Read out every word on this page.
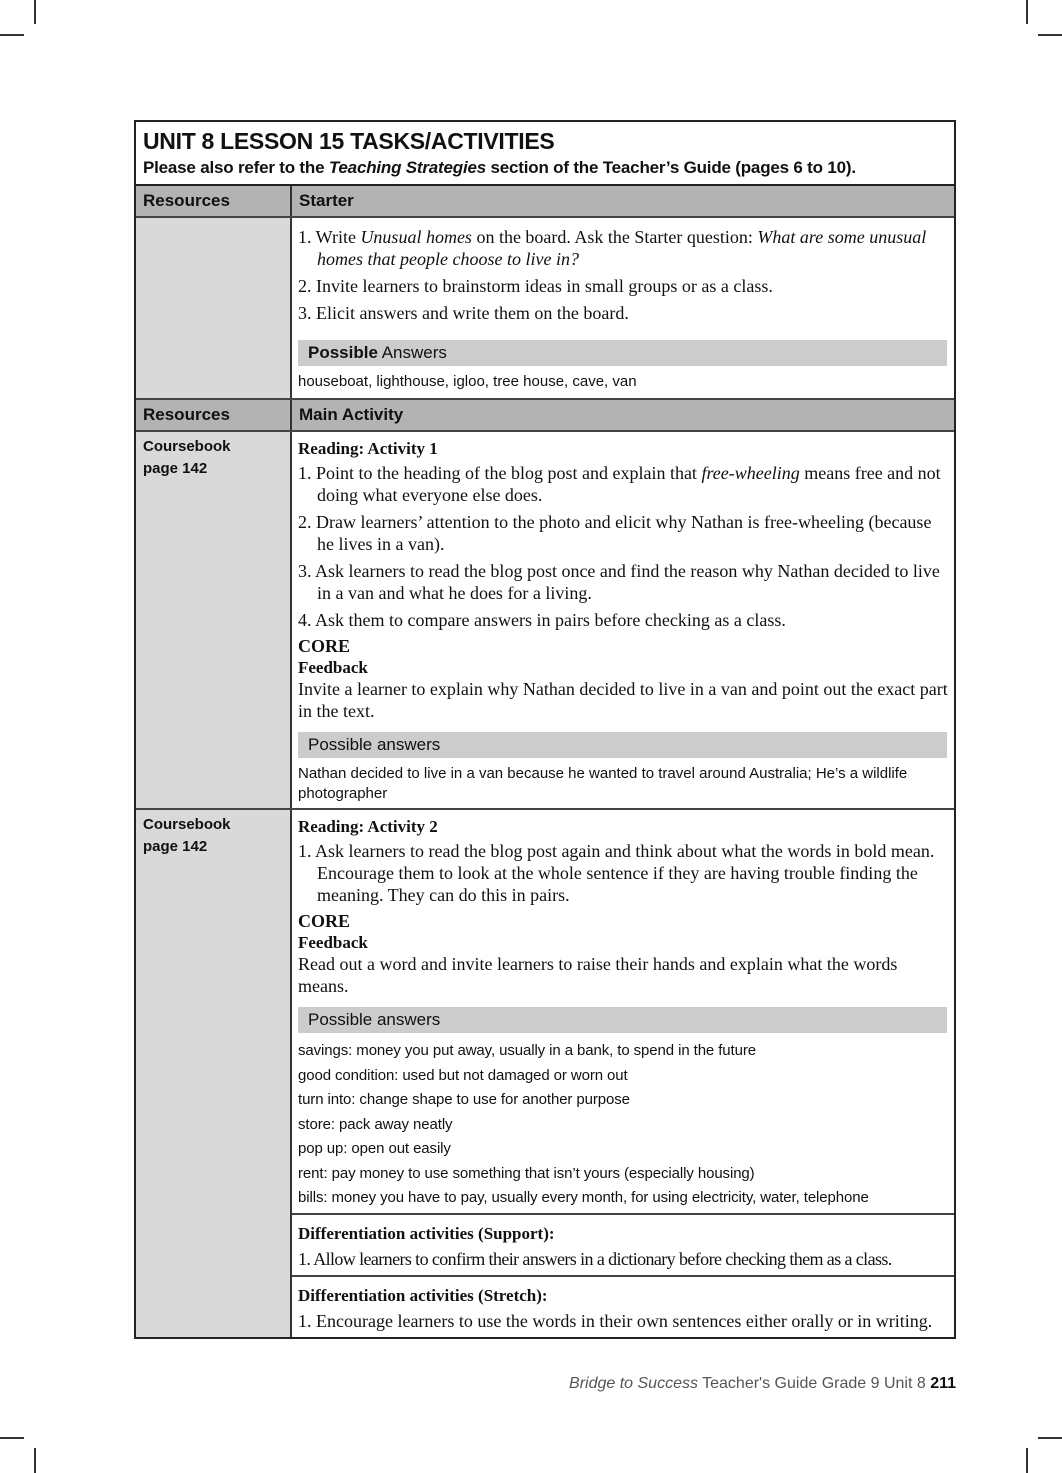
UNIT 8 LESSON 15 TASKS/ACTIVITIES
Please also refer to the Teaching Strategies section of the Teacher’s Guide (pages 6 to 10).
Resources	Starter
1. Write Unusual homes on the board. Ask the Starter question: What are some unusual homes that people choose to live in?
2. Invite learners to brainstorm ideas in small groups or as a class.
3. Elicit answers and write them on the board.
Possible Answers
houseboat, lighthouse, igloo, tree house, cave, van
Resources	Main Activity
Coursebook
page 142
Reading: Activity 1
1. Point to the heading of the blog post and explain that free-wheeling means free and not doing what everyone else does.
2. Draw learners’ attention to the photo and elicit why Nathan is free-wheeling (because he lives in a van).
3. Ask learners to read the blog post once and find the reason why Nathan decided to live in a van and what he does for a living.
4. Ask them to compare answers in pairs before checking as a class.
CORE
Feedback
Invite a learner to explain why Nathan decided to live in a van and point out the exact part in the text.
Possible answers
Nathan decided to live in a van because he wanted to travel around Australia; He’s a wildlife photographer
Coursebook
page 142
Reading: Activity 2
1. Ask learners to read the blog post again and think about what the words in bold mean. Encourage them to look at the whole sentence if they are having trouble finding the meaning. They can do this in pairs.
CORE
Feedback
Read out a word and invite learners to raise their hands and explain what the words means.
Possible answers
savings: money you put away, usually in a bank, to spend in the future
good condition: used but not damaged or worn out
turn into: change shape to use for another purpose
store: pack away neatly
pop up: open out easily
rent: pay money to use something that isn’t yours (especially housing)
bills: money you have to pay, usually every month, for using electricity, water, telephone
Differentiation activities (Support):
1. Allow learners to confirm their answers in a dictionary before checking them as a class.
Differentiation activities (Stretch):
1. Encourage learners to use the words in their own sentences either orally or in writing.
Bridge to Success Teacher's Guide Grade 9 Unit 8 211
